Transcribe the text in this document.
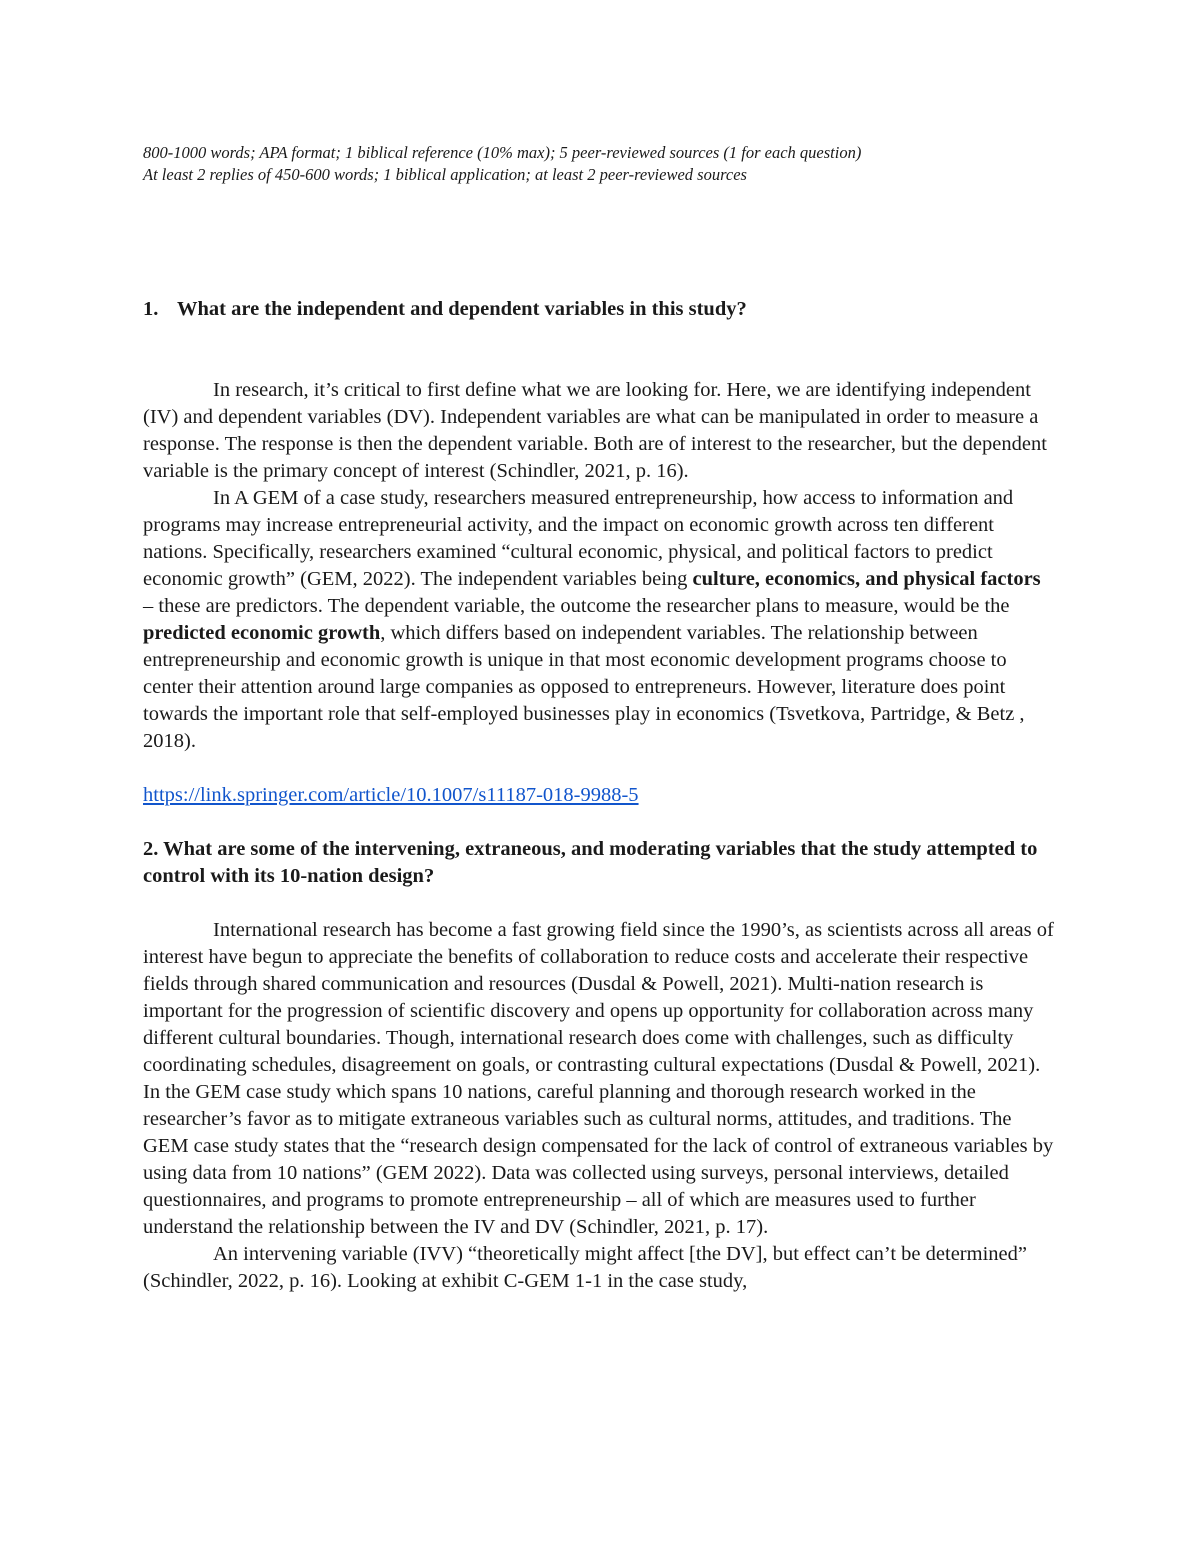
800-1000 words; APA format; 1 biblical reference (10% max); 5 peer-reviewed sources (1 for each question)
At least 2 replies of 450-600 words; 1 biblical application; at least 2 peer-reviewed sources
1. What are the independent and dependent variables in this study?

In research, it’s critical to first define what we are looking for. Here, we are identifying independent (IV) and dependent variables (DV). Independent variables are what can be manipulated in order to measure a response. The response is then the dependent variable. Both are of interest to the researcher, but the dependent variable is the primary concept of interest (Schindler, 2021, p. 16).

In A GEM of a case study, researchers measured entrepreneurship, how access to information and programs may increase entrepreneurial activity, and the impact on economic growth across ten different nations. Specifically, researchers examined “cultural economic, physical, and political factors to predict economic growth” (GEM, 2022). The independent variables being culture, economics, and physical factors – these are predictors. The dependent variable, the outcome the researcher plans to measure, would be the predicted economic growth, which differs based on independent variables. The relationship between entrepreneurship and economic growth is unique in that most economic development programs choose to center their attention around large companies as opposed to entrepreneurs. However, literature does point towards the important role that self-employed businesses play in economics (Tsvetkova, Partridge, & Betz , 2018).

https://link.springer.com/article/10.1007/s11187-018-9988-5

2. What are some of the intervening, extraneous, and moderating variables that the study attempted to control with its 10-nation design?

International research has become a fast growing field since the 1990’s, as scientists across all areas of interest have begun to appreciate the benefits of collaboration to reduce costs and accelerate their respective fields through shared communication and resources (Dusdal & Powell, 2021). Multi-nation research is important for the progression of scientific discovery and opens up opportunity for collaboration across many different cultural boundaries. Though, international research does come with challenges, such as difficulty coordinating schedules, disagreement on goals, or contrasting cultural expectations (Dusdal & Powell, 2021). In the GEM case study which spans 10 nations, careful planning and thorough research worked in the researcher’s favor as to mitigate extraneous variables such as cultural norms, attitudes, and traditions. The GEM case study states that the “research design compensated for the lack of control of extraneous variables by using data from 10 nations” (GEM 2022). Data was collected using surveys, personal interviews, detailed questionnaires, and programs to promote entrepreneurship – all of which are measures used to further understand the relationship between the IV and DV (Schindler, 2021, p. 17).

An intervening variable (IVV) “theoretically might affect [the DV], but effect can’t be determined” (Schindler, 2022, p. 16). Looking at exhibit C-GEM 1-1 in the case study,
